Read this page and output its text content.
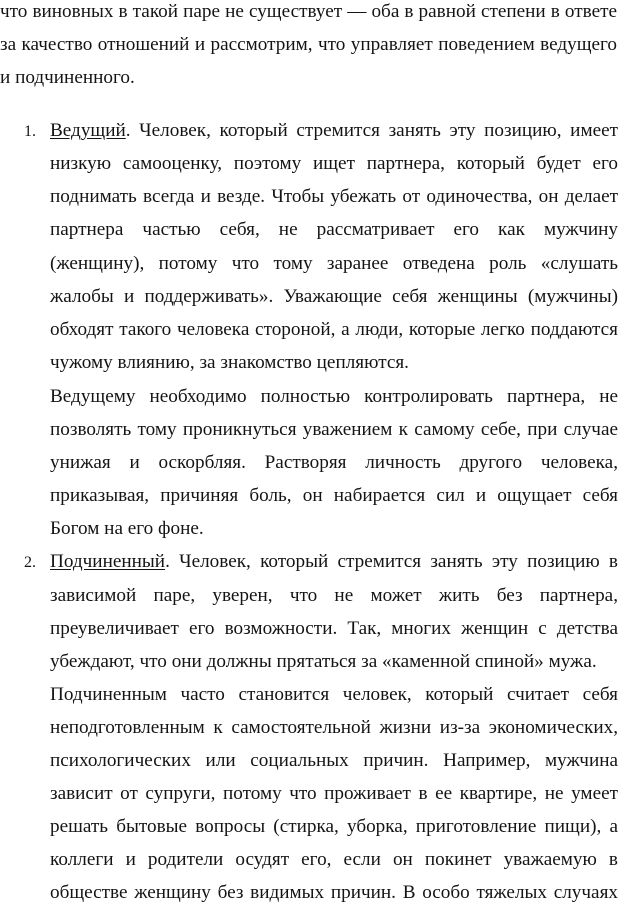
что виновных в такой паре не существует — оба в равной степени в ответе
за качество отношений и рассмотрим, что управляет поведением ведущего
и подчиненного.
1. Ведущий. Человек, который стремится занять эту позицию, имеет
низкую самооценку, поэтому ищет партнера, который будет его
поднимать всегда и везде. Чтобы убежать от одиночества, он делает
партнера частью себя, не рассматривает его как мужчину
(женщину), потому что тому заранее отведена роль «слушать
жалобы и поддерживать». Уважающие себя женщины (мужчины)
обходят такого человека стороной, а люди, которые легко поддаются
чужому влиянию, за знакомство цепляются.
Ведущему необходимо полностью контролировать партнера, не
позволять тому проникнуться уважением к самому себе, при случае
унижая и оскорбляя. Растворяя личность другого человека,
приказывая, причиняя боль, он набирается сил и ощущает себя
Богом на его фоне.
2. Подчиненный. Человек, который стремится занять эту позицию в
зависимой паре, уверен, что не может жить без партнера,
преувеличивает его возможности. Так, многих женщин с детства
убеждают, что они должны прятаться за «каменной спиной» мужа.
Подчиненным часто становится человек, который считает себя
неподготовленным к самостоятельной жизни из-за экономических,
психологических или социальных причин. Например, мужчина
зависит от супруги, потому что проживает в ее квартире, не умеет
решать бытовые вопросы (стирка, уборка, приготовление пищи), а
коллеги и родители осудят его, если он покинет уважаемую в
обществе женщину без видимых причин. В особо тяжелых случаях
